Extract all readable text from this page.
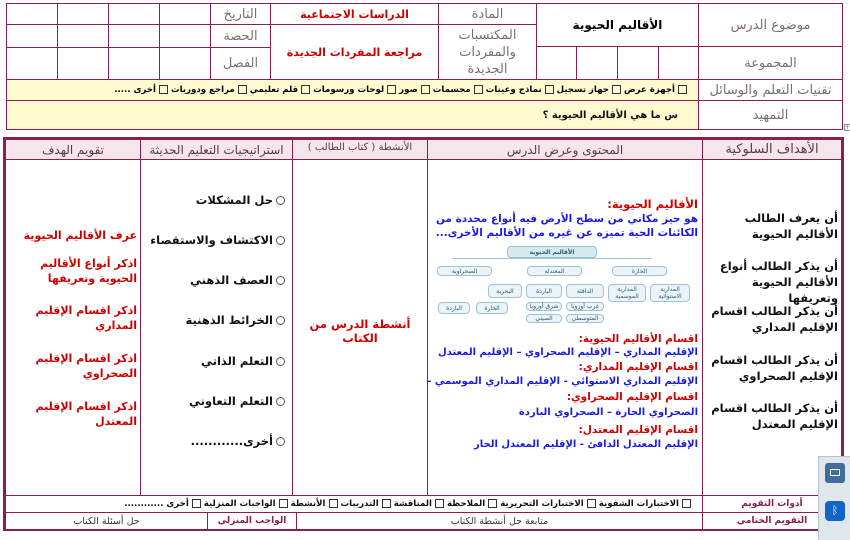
موضوع الدرس
الأقاليم الحيوية
المادة
الدراسات الاجتماعية
التاريخ
المكتسبات والمفردات الجديدة
مراجعة المفردات الجديدة
الحصة
المجموعة
الفصل
تقنيات التعلم والوسائل
أجهزة عرض
جهاز تسجيل
نماذج وعينات
مجسمات
صور
لوحات ورسومات
قلم تعليمي
مراجع ودوريات
أخرى .....
التمهيد
س ما هي الأقاليم الحيوية ؟
+
الأهداف السلوكية
المحتوى وعرض الدرس
الأنشطة ( كتاب الطالب )
استراتيجيات التعليم الحديثة
تقويم الهدف
أن يعرف الطالب الأقاليم الحيوية
أن يذكر الطالب أنواع الأقاليم الحيوية وتعريفها
أن يذكر الطالب اقسام الإقليم المداري
أن يذكر الطالب اقسام الإقليم الصحراوي
أن يذكر الطالب اقسام الإقليم المعتدل
الأقاليم الحيوية:
هو حيز مكاني من سطح الأرض فيه أنواع محددة من الكائنات الحية تميزه عن غيره من الأقاليم الأخرى...
الأقاليم الحيوية
الحارة
المعتدلة
الصحراوية
المدارية الاستوائية
المدارية الموسمية
الدافئة
الباردة
البحرية
الحارة
الباردة	غرب أوروبا
شرق أوروبا
المتوسطي
الصيني
اقسام الأقاليم الحيوية:
الإقليم المداري – الإقليم الصحراوي – الإقليم المعتدل
اقسام الإقليم المداري:
الإقليم المداري الاستوائي - الإقليم المداري الموسمي -
اقسام الإقليم الصحراوي:
الصحراوي الحارة – الصحراوي الباردة
اقسام الإقليم المعتدل:
الإقليم المعتدل الدافئ - الإقليم المعتدل الحار
أنشطة الدرس من الكتاب
حل المشكلات
الاكتشاف والاستقصاء
العصف الذهني
الخرائط الذهنية
التعلم الذاتي
التعلم التعاوني
أخرى............
عرف الأقاليم الحيوية
اذكر أنواع الأقاليم الحيوية وتعريفها
اذكر اقسام الإقليم المداري
اذكر اقسام الإقليم الصحراوي
اذكر اقسام الإقليم المعتدل
أدوات التقويم
الاختبارات الشفوية
الاختبارات التحريرية
الملاحظة
المناقشة
التدريبات
الأنشطة
الواجبات المنزلية
أخرى ............
التقويم الختامي
متابعة حل أنشطة الكتاب
الواجب المنزلي
حل أسئلة الكتاب
ᛒ
